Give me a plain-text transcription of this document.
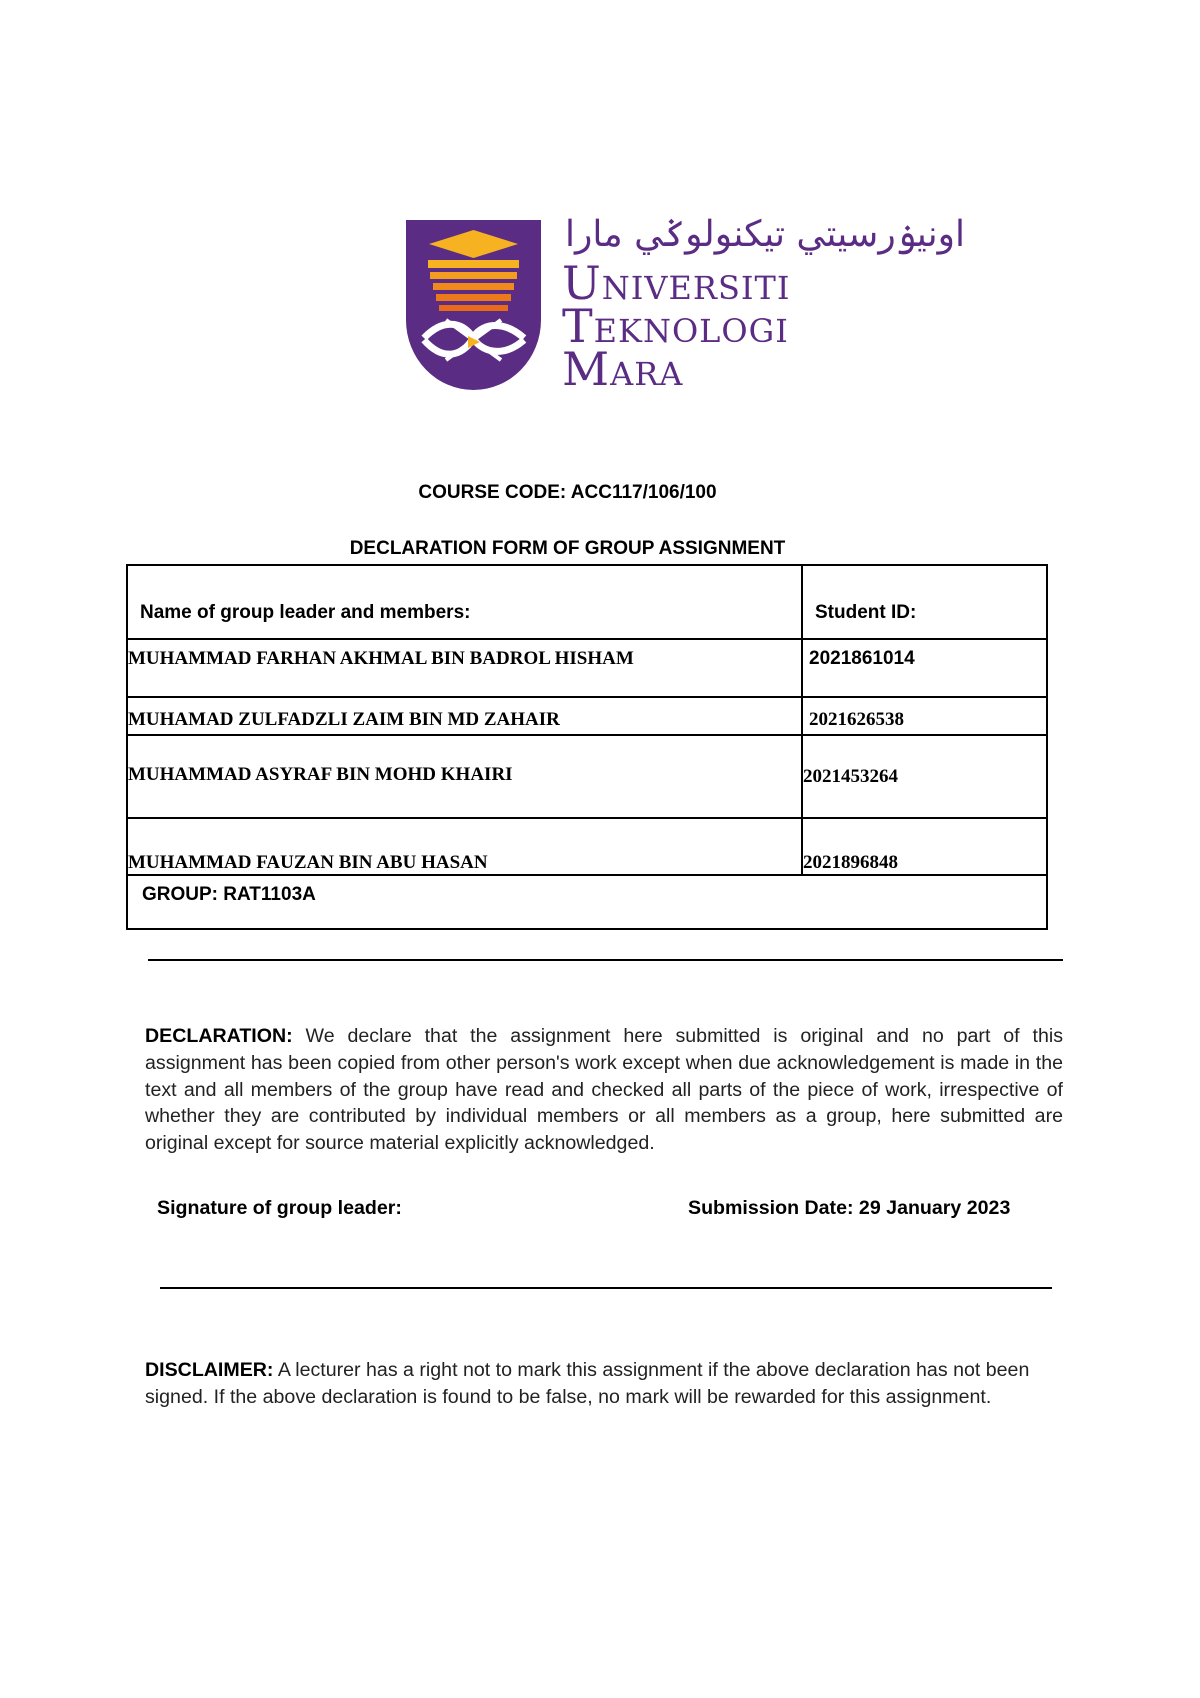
اونيۏرسيتي تيکنولوݢي مارا
Universiti
Teknologi
Mara
COURSE CODE: ACC117/106/100
DECLARATION FORM OF GROUP ASSIGNMENT
Name of group leader and members:	Student ID:
MUHAMMAD FARHAN AKHMAL BIN BADROL HISHAM	2021861014
MUHAMAD ZULFADZLI ZAIM BIN MD ZAHAIR	2021626538
MUHAMMAD ASYRAF BIN MOHD KHAIRI	2021453264
MUHAMMAD FAUZAN BIN ABU HASAN	2021896848
GROUP: RAT1103A	
DECLARATION: We declare that the assignment here submitted is original and no part of this assignment has been copied from other person's work except when due acknowledgement is made in the text and all members of the group have read and checked all parts of the piece of work, irrespective of whether they are contributed by individual members or all members as a group, here submitted are original except for source material explicitly acknowledged.
Signature of group leader:	Submission Date: 29 January 2023
DISCLAIMER: A lecturer has a right not to mark this assignment if the above declaration has not been signed. If the above declaration is found to be false, no mark will be rewarded for this assignment.
